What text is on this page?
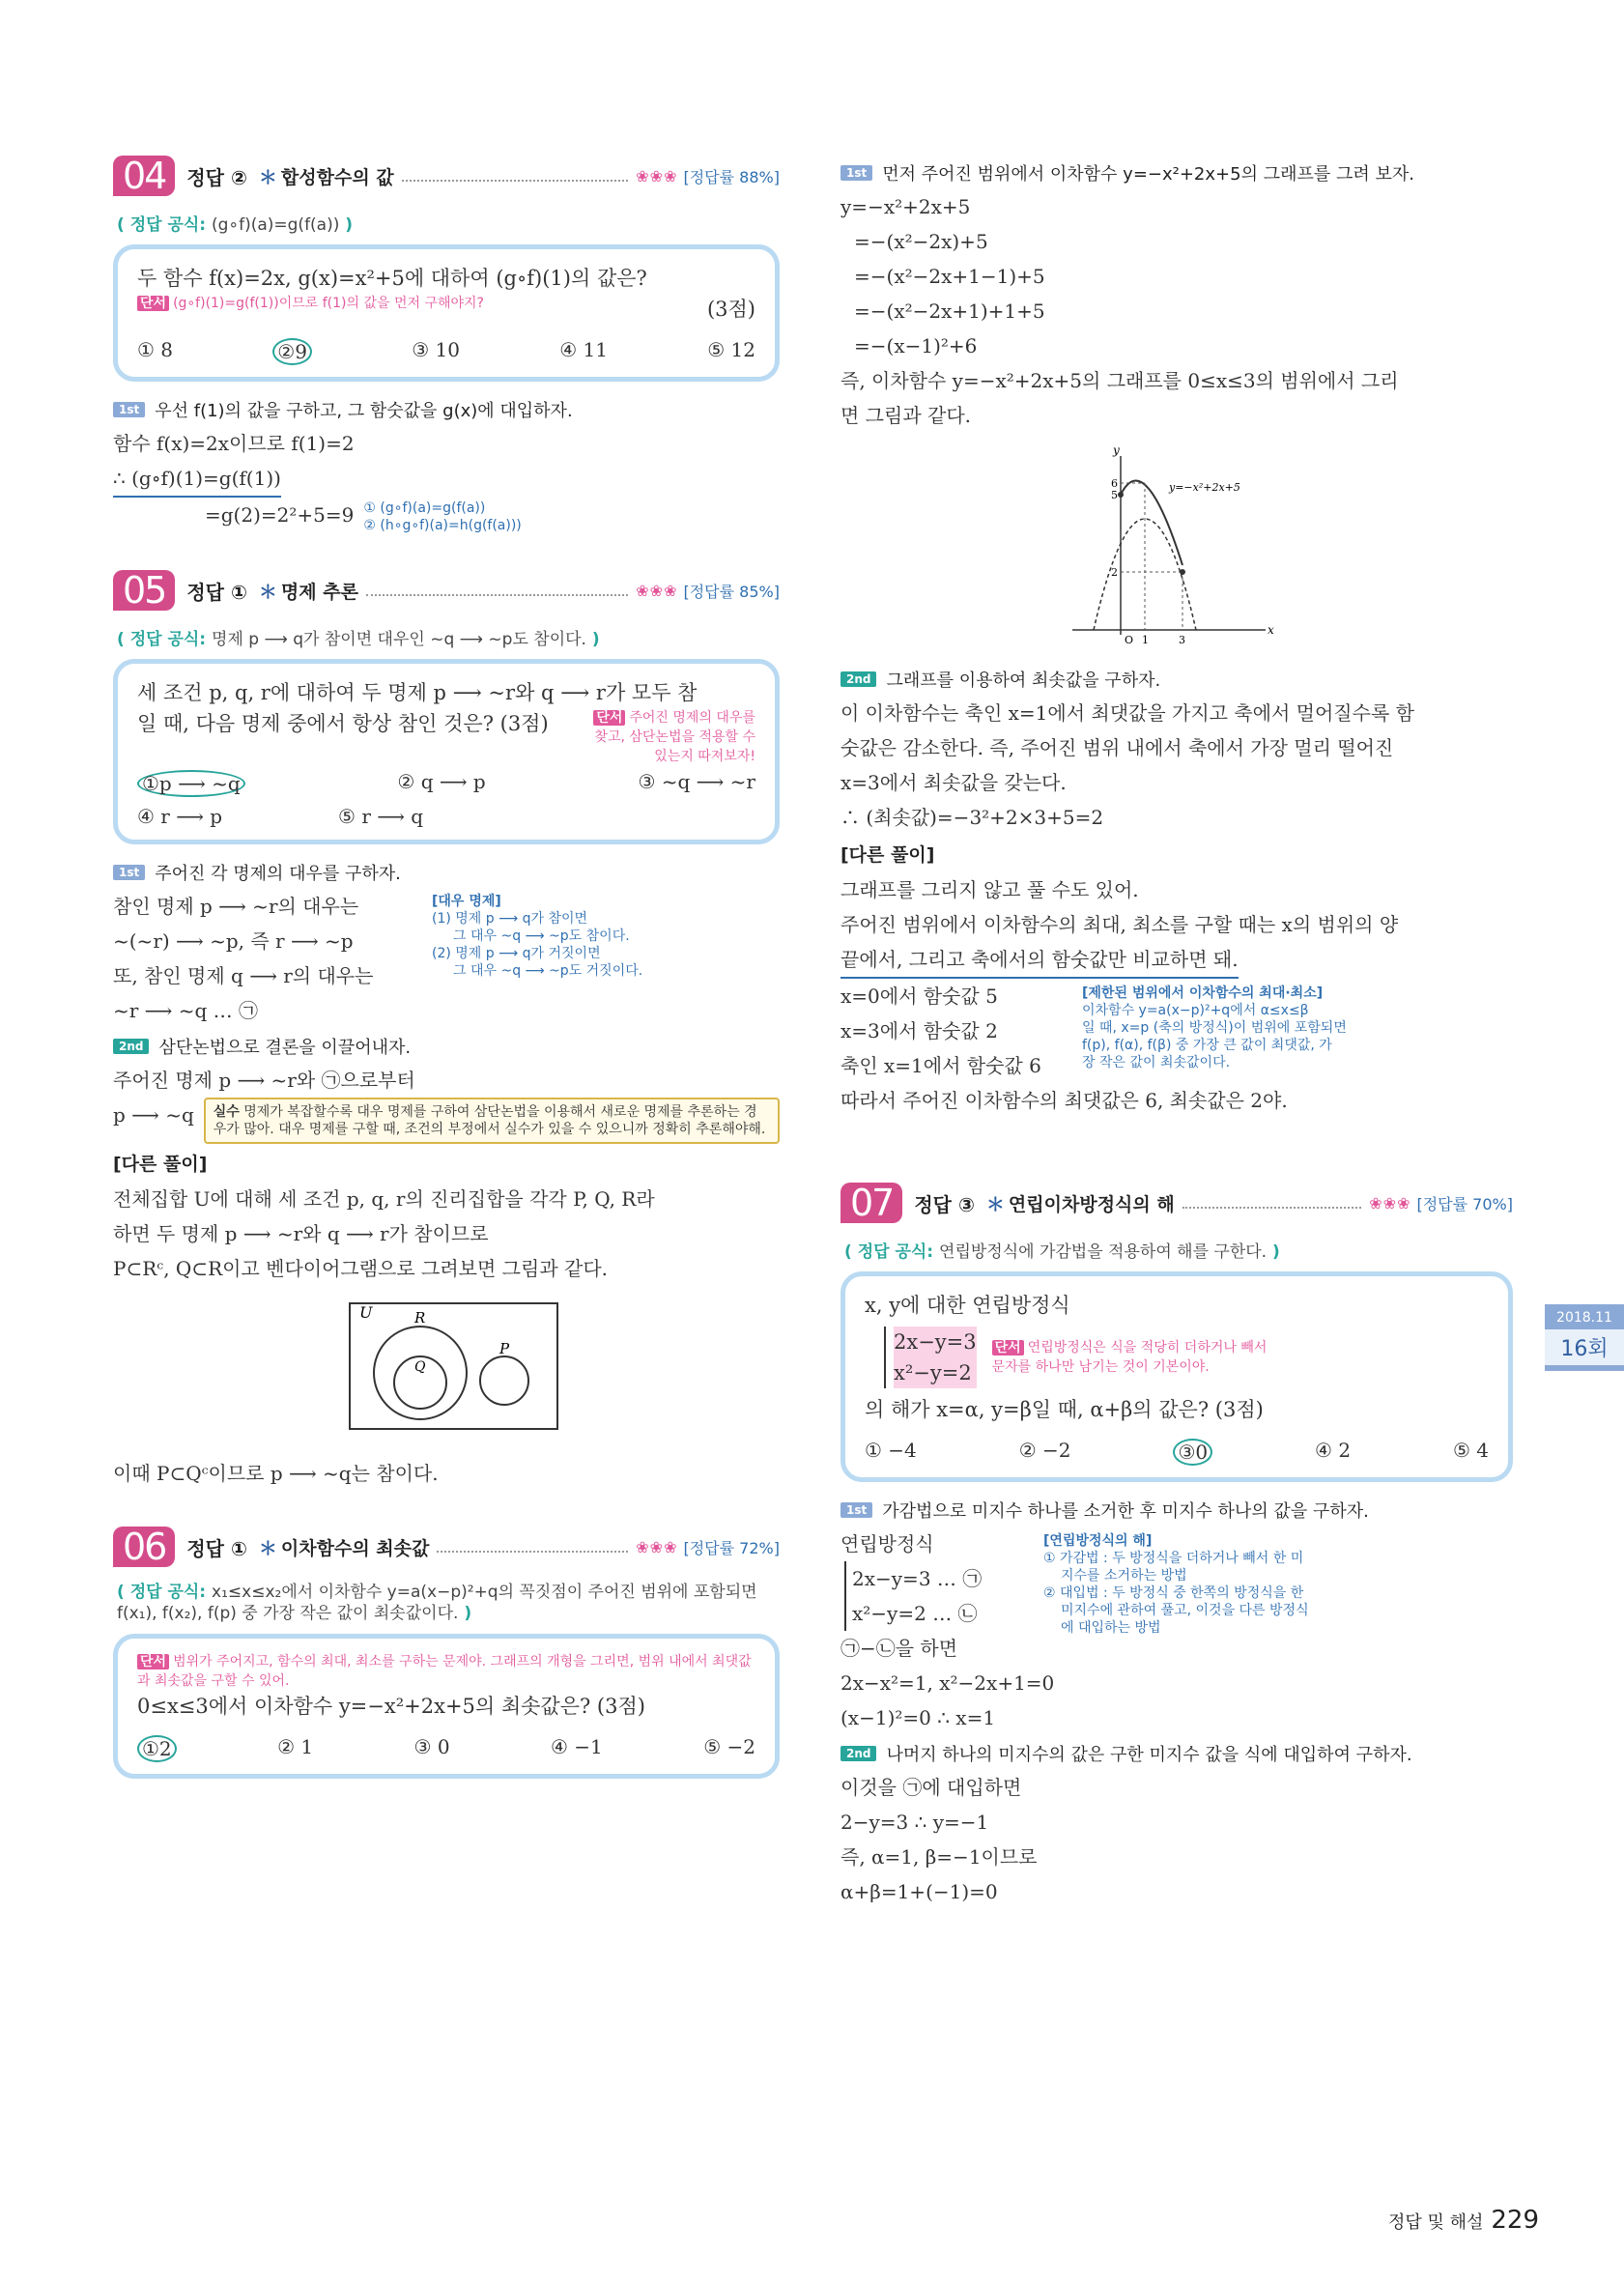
04	정답 ②	＊ 합성함수의 값	❀❀❀ [정답률 88%]
( 정답 공식: (g∘f)(a)=g(f(a)) )
두 함수 f(x)=2x, g(x)=x²+5에 대하여 (g∘f)(1)의 값은?
단서 (g∘f)(1)=g(f(1))이므로 f(1)의 값을 먼저 구해야지?	(3점)
① 8	②9	③ 10	④ 11	⑤ 12
1st 우선 f(1)의 값을 구하고, 그 함숫값을 g(x)에 대입하자.
함수 f(x)=2x이므로 f(1)=2
∴ (g∘f)(1)=g(f(1))
=g(2)=2²+5=9 ① (g∘f)(a)=g(f(a))
② (h∘g∘f)(a)=h(g(f(a)))
05	정답 ①	＊ 명제 추론	❀❀❀ [정답률 85%]
( 정답 공식: 명제 p ⟶ q가 참이면 대우인 ~q ⟶ ~p도 참이다. )
세 조건 p, q, r에 대하여 두 명제 p ⟶ ~r와 q ⟶ r가 모두 참
일 때, 다음 명제 중에서 항상 참인 것은? (3점)	단서 주어진 명제의 대우를 찾고, 삼단논법을 적용할 수 있는지 따져보자!
①p ⟶ ~q	② q ⟶ p	③ ~q ⟶ ~r
④ r ⟶ p	⑤ r ⟶ q
1st 주어진 각 명제의 대우를 구하자.
참인 명제 p ⟶ ~r의 대우는
~(~r) ⟶ ~p, 즉 r ⟶ ~p
또, 참인 명제 q ⟶ r의 대우는
~r ⟶ ~q … ㉠
[대우 명제]
(1) 명제 p ⟶ q가 참이면
그 대우 ~q ⟶ ~p도 참이다.
(2) 명제 p ⟶ q가 거짓이면
그 대우 ~q ⟶ ~p도 거짓이다.
2nd 삼단논법으로 결론을 이끌어내자.
주어진 명제 p ⟶ ~r와 ㉠으로부터
p ⟶ ~q	실수 명제가 복잡할수록 대우 명제를 구하여 삼단논법을 이용해서 새로운 명제를 추론하는 경우가 많아. 대우 명제를 구할 때, 조건의 부정에서 실수가 있을 수 있으니까 정확히 추론해야해.
[다른 풀이]
전체집합 U에 대해 세 조건 p, q, r의 진리집합을 각각 P, Q, R라
하면 두 명제 p ⟶ ~r와 q ⟶ r가 참이므로
P⊂Rᶜ, Q⊂R이고 벤다이어그램으로 그려보면 그림과 같다.
U	R
Q
P
이때 P⊂Qᶜ이므로 p ⟶ ~q는 참이다.
06	정답 ①	＊ 이차함수의 최솟값	❀❀❀ [정답률 72%]
( 정답 공식: x₁≤x≤x₂에서 이차함수 y=a(x−p)²+q의 꼭짓점이 주어진 범위에 포함되면 f(x₁), f(x₂), f(p) 중 가장 작은 값이 최솟값이다. )
단서 범위가 주어지고, 함수의 최대, 최소를 구하는 문제야. 그래프의 개형을 그리면, 범위 내에서 최댓값과 최솟값을 구할 수 있어.
0≤x≤3에서 이차함수 y=−x²+2x+5의 최솟값은? (3점)
①2	② 1	③ 0	④ −1	⑤ −2
1st 먼저 주어진 범위에서 이차함수 y=−x²+2x+5의 그래프를 그려 보자.
y=−x²+2x+5
=−(x²−2x)+5
=−(x²−2x+1−1)+5
=−(x²−2x+1)+1+5
=−(x−1)²+6
즉, 이차함수 y=−x²+2x+5의 그래프를 0≤x≤3의 범위에서 그리
면 그림과 같다.
y
x
6
5
2
O 1	3
y=−x²+2x+5
2nd 그래프를 이용하여 최솟값을 구하자.
이 이차함수는 축인 x=1에서 최댓값을 가지고 축에서 멀어질수록 함
숫값은 감소한다. 즉, 주어진 범위 내에서 축에서 가장 멀리 떨어진
x=3에서 최솟값을 갖는다.
∴ (최솟값)=−3²+2×3+5=2
[다른 풀이]
그래프를 그리지 않고 풀 수도 있어.
주어진 범위에서 이차함수의 최대, 최소를 구할 때는 x의 범위의 양
끝에서, 그리고 축에서의 함숫값만 비교하면 돼.
x=0에서 함숫값 5
x=3에서 함숫값 2
축인 x=1에서 함숫값 6
[제한된 범위에서 이차함수의 최대·최소]
이차함수 y=a(x−p)²+q에서 α≤x≤β
일 때, x=p (축의 방정식)이 범위에 포함되면
f(p), f(α), f(β) 중 가장 큰 값이 최댓값, 가
장 작은 값이 최솟값이다.
따라서 주어진 이차함수의 최댓값은 6, 최솟값은 2야.
07	정답 ③	＊ 연립이차방정식의 해	❀❀❀ [정답률 70%]
( 정답 공식: 연립방정식에 가감법을 적용하여 해를 구한다. )
x, y에 대한 연립방정식
2x−y=3
x²−y=2
단서 연립방정식은 식을 적당히 더하거나 빼서 문자를 하나만 남기는 것이 기본이야.
의 해가 x=α, y=β일 때, α+β의 값은? (3점)
① −4	② −2	③0	④ 2	⑤ 4
1st 가감법으로 미지수 하나를 소거한 후 미지수 하나의 값을 구하자.
연립방정식
2x−y=3 … ㉠
x²−y=2 … ㉡
㉠−㉡을 하면
[연립방정식의 해]
① 가감법 : 두 방정식을 더하거나 빼서 한 미
지수를 소거하는 방법
② 대입법 : 두 방정식 중 한쪽의 방정식을 한
미지수에 관하여 풀고, 이것을 다른 방정식
에 대입하는 방법
2x−x²=1, x²−2x+1=0
(x−1)²=0 ∴ x=1
2nd 나머지 하나의 미지수의 값은 구한 미지수 값을 식에 대입하여 구하자.
이것을 ㉠에 대입하면
2−y=3 ∴ y=−1
즉, α=1, β=−1이므로
α+β=1+(−1)=0
2018.11
16회
정답 및 해설 229
